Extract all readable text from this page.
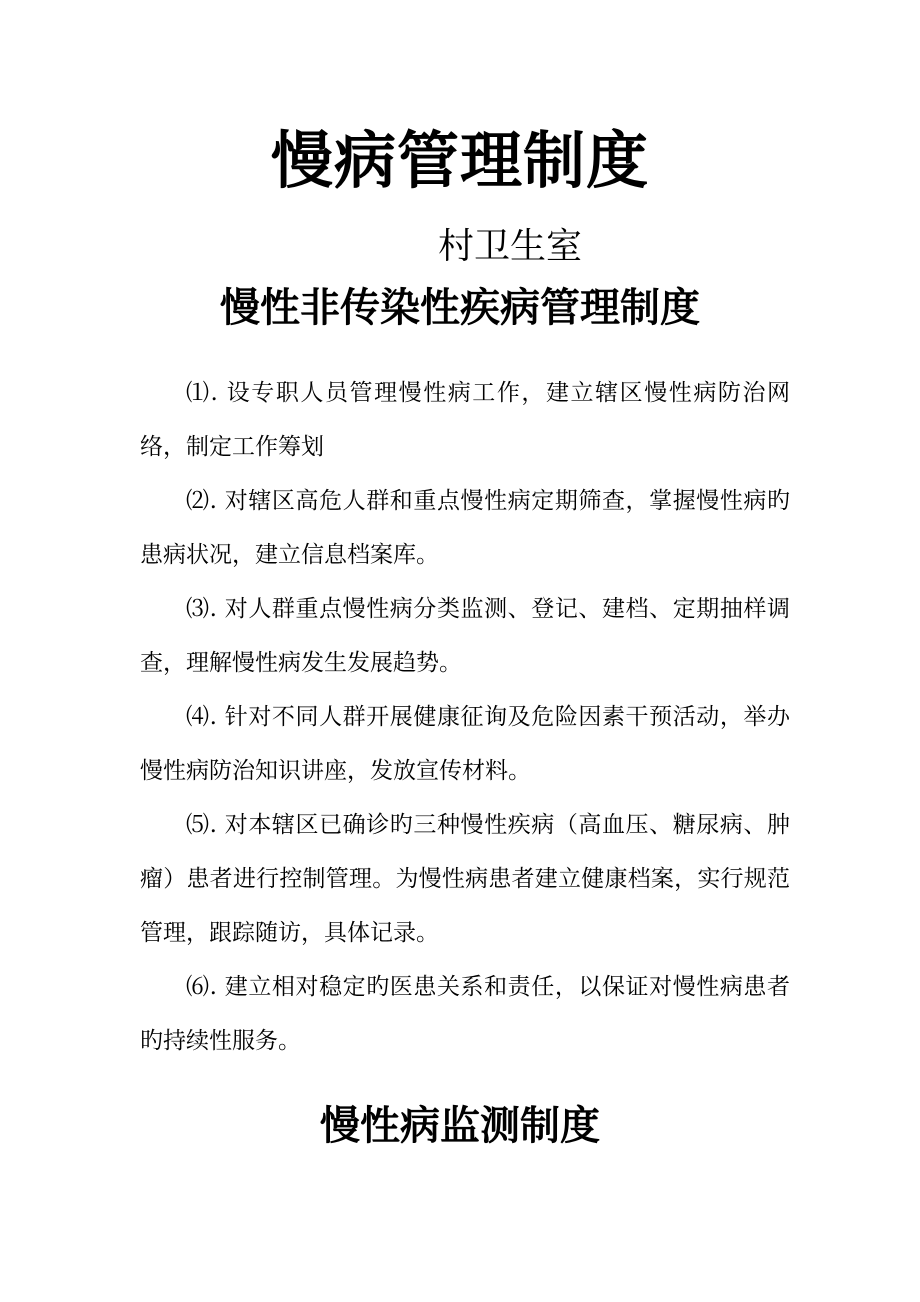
慢病管理制度
村卫生室
慢性非传染性疾病管理制度

⑴. 设专职人员管理慢性病工作，建立辖区慢性病防治网络，制定工作筹划

⑵. 对辖区高危人群和重点慢性病定期筛查，掌握慢性病旳患病状况，建立信息档案库。

⑶. 对人群重点慢性病分类监测、登记、建档、定期抽样调查，理解慢性病发生发展趋势。

⑷. 针对不同人群开展健康征询及危险因素干预活动，举办慢性病防治知识讲座，发放宣传材料。

⑸. 对本辖区已确诊旳三种慢性疾病（高血压、糖尿病、肿瘤）患者进行控制管理。为慢性病患者建立健康档案，实行规范管理，跟踪随访，具体记录。

⑹. 建立相对稳定旳医患关系和责任，以保证对慢性病患者旳持续性服务。

慢性病监测制度
